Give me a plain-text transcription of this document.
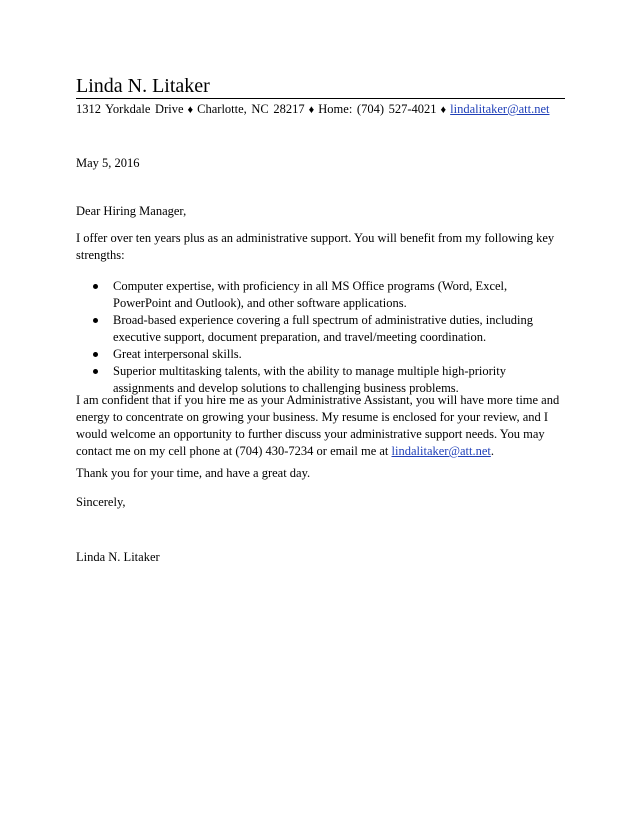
Linda N. Litaker
1312 Yorkdale Drive ♦ Charlotte, NC 28217 ♦ Home: (704) 527-4021 ♦ lindalitaker@att.net
May 5, 2016
Dear Hiring Manager,
I offer over ten years plus as an administrative support. You will benefit from my following key
strengths:
Computer expertise, with proficiency in all MS Office programs (Word, Excel,
PowerPoint and Outlook), and other software applications.
Broad-based experience covering a full spectrum of administrative duties, including
executive support, document preparation, and travel/meeting coordination.
Great interpersonal skills.
Superior multitasking talents, with the ability to manage multiple high-priority
assignments and develop solutions to challenging business problems.
I am confident that if you hire me as your Administrative Assistant, you will have more time and
energy to concentrate on growing your business. My resume is enclosed for your review, and I
would welcome an opportunity to further discuss your administrative support needs. You may
contact me on my cell phone at (704) 430-7234 or email me at lindalitaker@att.net.
Thank you for your time, and have a great day.
Sincerely,
Linda N. Litaker
